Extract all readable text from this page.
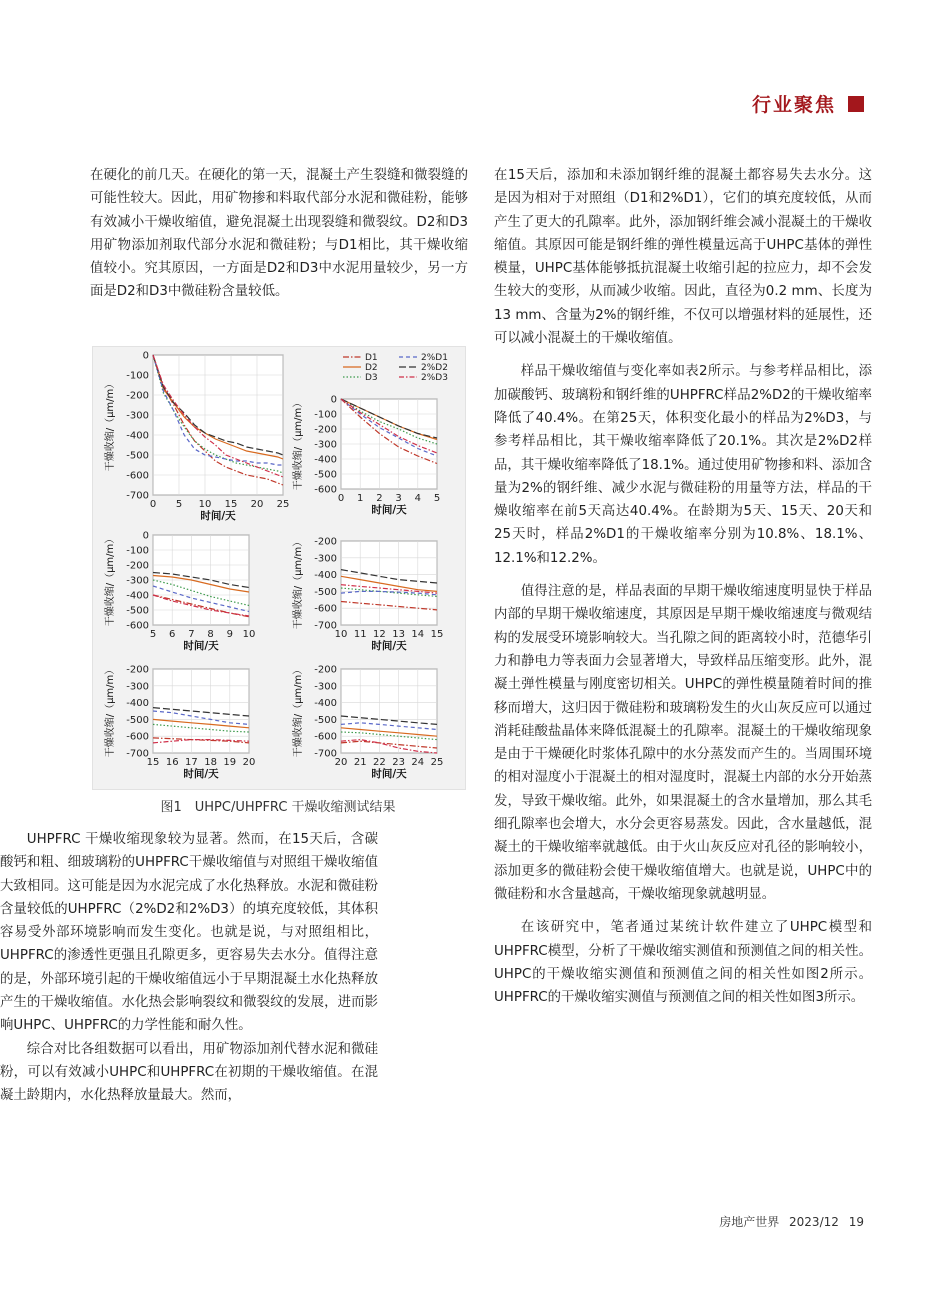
行业聚焦

在硬化的前几天。在硬化的第一天，混凝土产生裂缝和微裂缝的可能性较大。因此，用矿物掺和料取代部分水泥和微硅粉，能够有效减小干燥收缩值，避免混凝土出现裂缝和微裂纹。D2和D3用矿物添加剂取代部分水泥和微硅粉；与D1相比，其干燥收缩值较小。究其原因，一方面是D2和D3中水泥用量较少，另一方面是D2和D3中微硅粉含量较低。

D1
D2
D3
2%D1
2%D2
2%D3
0
-100
-200
-300
-400
-500
-600
-700
0 5 10 15 20 25
时间/天
干燥收缩/（μm/m）	0
-100
-200
-300
-400
-500
-600
0 1 2 3 4 5
时间/天
干燥收缩/（μm/m）
0
-100
-200
-300
-400
-500
-600
5 6 7 8 9 10
时间/天
干燥收缩/（μm/m）	-200
-300
-400
-500
-600
-700
10 11 12 13 14 15
时间/天
干燥收缩/（μm/m）
-200
-300
-400
-500
-600
-700
15 16 17 18 19 20
时间/天
干燥收缩/（μm/m）	-200
-300
-400
-500
-600
-700
20 21 22 23 24 25
时间/天
干燥收缩/（μm/m）
图1　UHPC/UHPFRC 干燥收缩测试结果

UHPFRC 干燥收缩现象较为显著。然而，在15天后，含碳酸钙和粗、细玻璃粉的UHPFRC干燥收缩值与对照组干燥收缩值大致相同。这可能是因为水泥完成了水化热释放。水泥和微硅粉含量较低的UHPFRC（2%D2和2%D3）的填充度较低，其体积容易受外部环境影响而发生变化。也就是说，与对照组相比，UHPFRC的渗透性更强且孔隙更多，更容易失去水分。值得注意的是，外部环境引起的干燥收缩值远小于早期混凝土水化热释放产生的干燥收缩值。水化热会影响裂纹和微裂纹的发展，进而影响UHPC、UHPFRC的力学性能和耐久性。

综合对比各组数据可以看出，用矿物添加剂代替水泥和微硅粉，可以有效减小UHPC和UHPFRC在初期的干燥收缩值。在混凝土龄期内，水化热释放量最大。然而，

在15天后，添加和未添加钢纤维的混凝土都容易失去水分。这是因为相对于对照组（D1和2%D1），它们的填充度较低，从而产生了更大的孔隙率。此外，添加钢纤维会减小混凝土的干燥收缩值。其原因可能是钢纤维的弹性模量远高于UHPC基体的弹性模量，UHPC基体能够抵抗混凝土收缩引起的拉应力，却不会发生较大的变形，从而减少收缩。因此，直径为0.2 mm、长度为13 mm、含量为2%的钢纤维，不仅可以增强材料的延展性，还可以减小混凝土的干燥收缩值。

样品干燥收缩值与变化率如表2所示。与参考样品相比，添加碳酸钙、玻璃粉和钢纤维的UHPFRC样品2%D2的干燥收缩率降低了40.4%。在第25天，体积变化最小的样品为2%D3，与参考样品相比，其干燥收缩率降低了20.1%。其次是2%D2样品，其干燥收缩率降低了18.1%。通过使用矿物掺和料、添加含量为2%的钢纤维、减少水泥与微硅粉的用量等方法，样品的干燥收缩率在前5天高达40.4%。在龄期为5天、15天、20天和25天时，样品2%D1的干燥收缩率分别为10.8%、18.1%、12.1%和12.2%。

值得注意的是，样品表面的早期干燥收缩速度明显快于样品内部的早期干燥收缩速度，其原因是早期干燥收缩速度与微观结构的发展受环境影响较大。当孔隙之间的距离较小时，范德华引力和静电力等表面力会显著增大，导致样品压缩变形。此外，混凝土弹性模量与刚度密切相关。UHPC的弹性模量随着时间的推移而增大，这归因于微硅粉和玻璃粉发生的火山灰反应可以通过消耗硅酸盐晶体来降低混凝土的孔隙率。混凝土的干燥收缩现象是由于干燥硬化时浆体孔隙中的水分蒸发而产生的。当周围环境的相对湿度小于混凝土的相对湿度时，混凝土内部的水分开始蒸发，导致干燥收缩。此外，如果混凝土的含水量增加，那么其毛细孔隙率也会增大，水分会更容易蒸发。因此，含水量越低，混凝土的干燥收缩率就越低。由于火山灰反应对孔径的影响较小，添加更多的微硅粉会使干燥收缩值增大。也就是说，UHPC中的微硅粉和水含量越高，干燥收缩现象就越明显。

在该研究中，笔者通过某统计软件建立了UHPC模型和UHPFRC模型，分析了干燥收缩实测值和预测值之间的相关性。UHPC的干燥收缩实测值和预测值之间的相关性如图2所示。UHPFRC的干燥收缩实测值与预测值之间的相关性如图3所示。

房地产世界 2023/12 19
